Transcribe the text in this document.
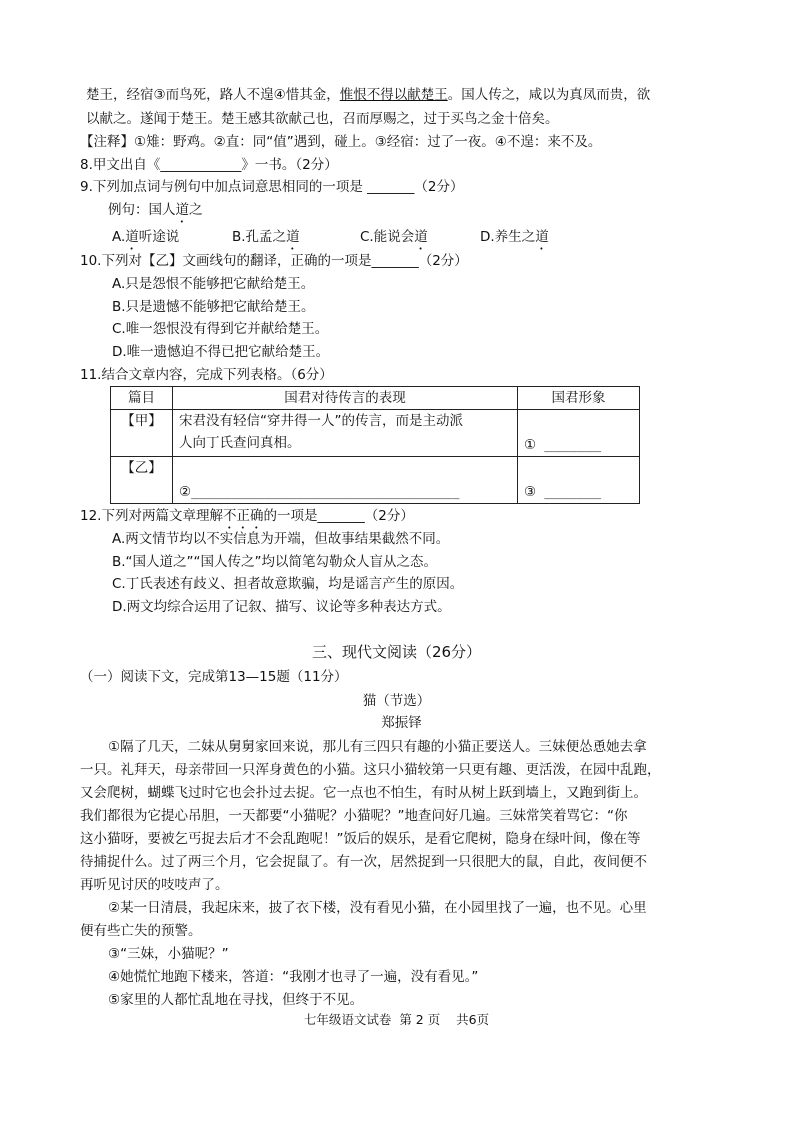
楚王，经宿③而鸟死，路人不遑④惜其金，惟恨不得以献楚王。国人传之，咸以为真凤而贵，欲
以献之。遂闻于楚王。楚王感其欲献己也，召而厚赐之，过于买鸟之金十倍矣。
【注释】①雉：野鸡。②直：同“值”遇到，碰上。③经宿：过了一夜。④不遑：来不及。
8.甲文出自《____________》一书。（2分）
9.下列加点词与例句中加点词意思相同的一项是 _______（2分）
例句：国人道之
A.道听途说	B.孔孟之道	C.能说会道	D.养生之道
10.下列对【乙】文画线句的翻译，正确的一项是_______（2分）
A.只是怨恨不能够把它献给楚王。
B.只是遗憾不能够把它献给楚王。
C.唯一怨恨没有得到它并献给楚王。
D.唯一遗憾迫不得已把它献给楚王。
11.结合文章内容，完成下列表格。（6分）
篇目	国君对待传言的表现	国君形象
【甲】	宋君没有轻信“穿井得一人”的传言，而是主动派
人向丁氏查问真相。	① _______
【乙】	②_________________________________	③ _______
12.下列对两篇文章理解不正确的一项是_______（2分）
A.两文情节均以不实信息为开端，但故事结果截然不同。
B.“国人道之”“国人传之”均以简笔勾勒众人盲从之态。
C.丁氏表述有歧义、担者故意欺骗，均是谣言产生的原因。
D.两文均综合运用了记叙、描写、议论等多种表达方式。
三、现代文阅读（26分）
（一）阅读下文，完成第13—15题（11分）
猫（节选）
郑振铎
①隔了几天，二妹从舅舅家回来说，那儿有三四只有趣的小猫正要送人。三妹便怂恿她去拿
一只。礼拜天，母亲带回一只浑身黄色的小猫。这只小猫较第一只更有趣、更活泼，在园中乱跑，
又会爬树，蝴蝶飞过时它也会扑过去捉。它一点也不怕生，有时从树上跃到墙上，又跑到街上。
我们都很为它提心吊胆，一天都要“小猫呢？小猫呢？”地查问好几遍。三妹常笑着骂它：“你
这小猫呀，要被乞丐捉去后才不会乱跑呢！”饭后的娱乐，是看它爬树，隐身在绿叶间，像在等
待捕捉什么。过了两三个月，它会捉鼠了。有一次，居然捉到一只很肥大的鼠，自此，夜间便不
再听见讨厌的吱吱声了。
②某一日清晨，我起床来，披了衣下楼，没有看见小猫，在小园里找了一遍，也不见。心里
便有些亡失的预警。
③“三妹，小猫呢？”
④她慌忙地跑下楼来，答道：“我刚才也寻了一遍，没有看见。”
⑤家里的人都忙乱地在寻找，但终于不见。
七年级语文试卷  第 2 页    共6页
